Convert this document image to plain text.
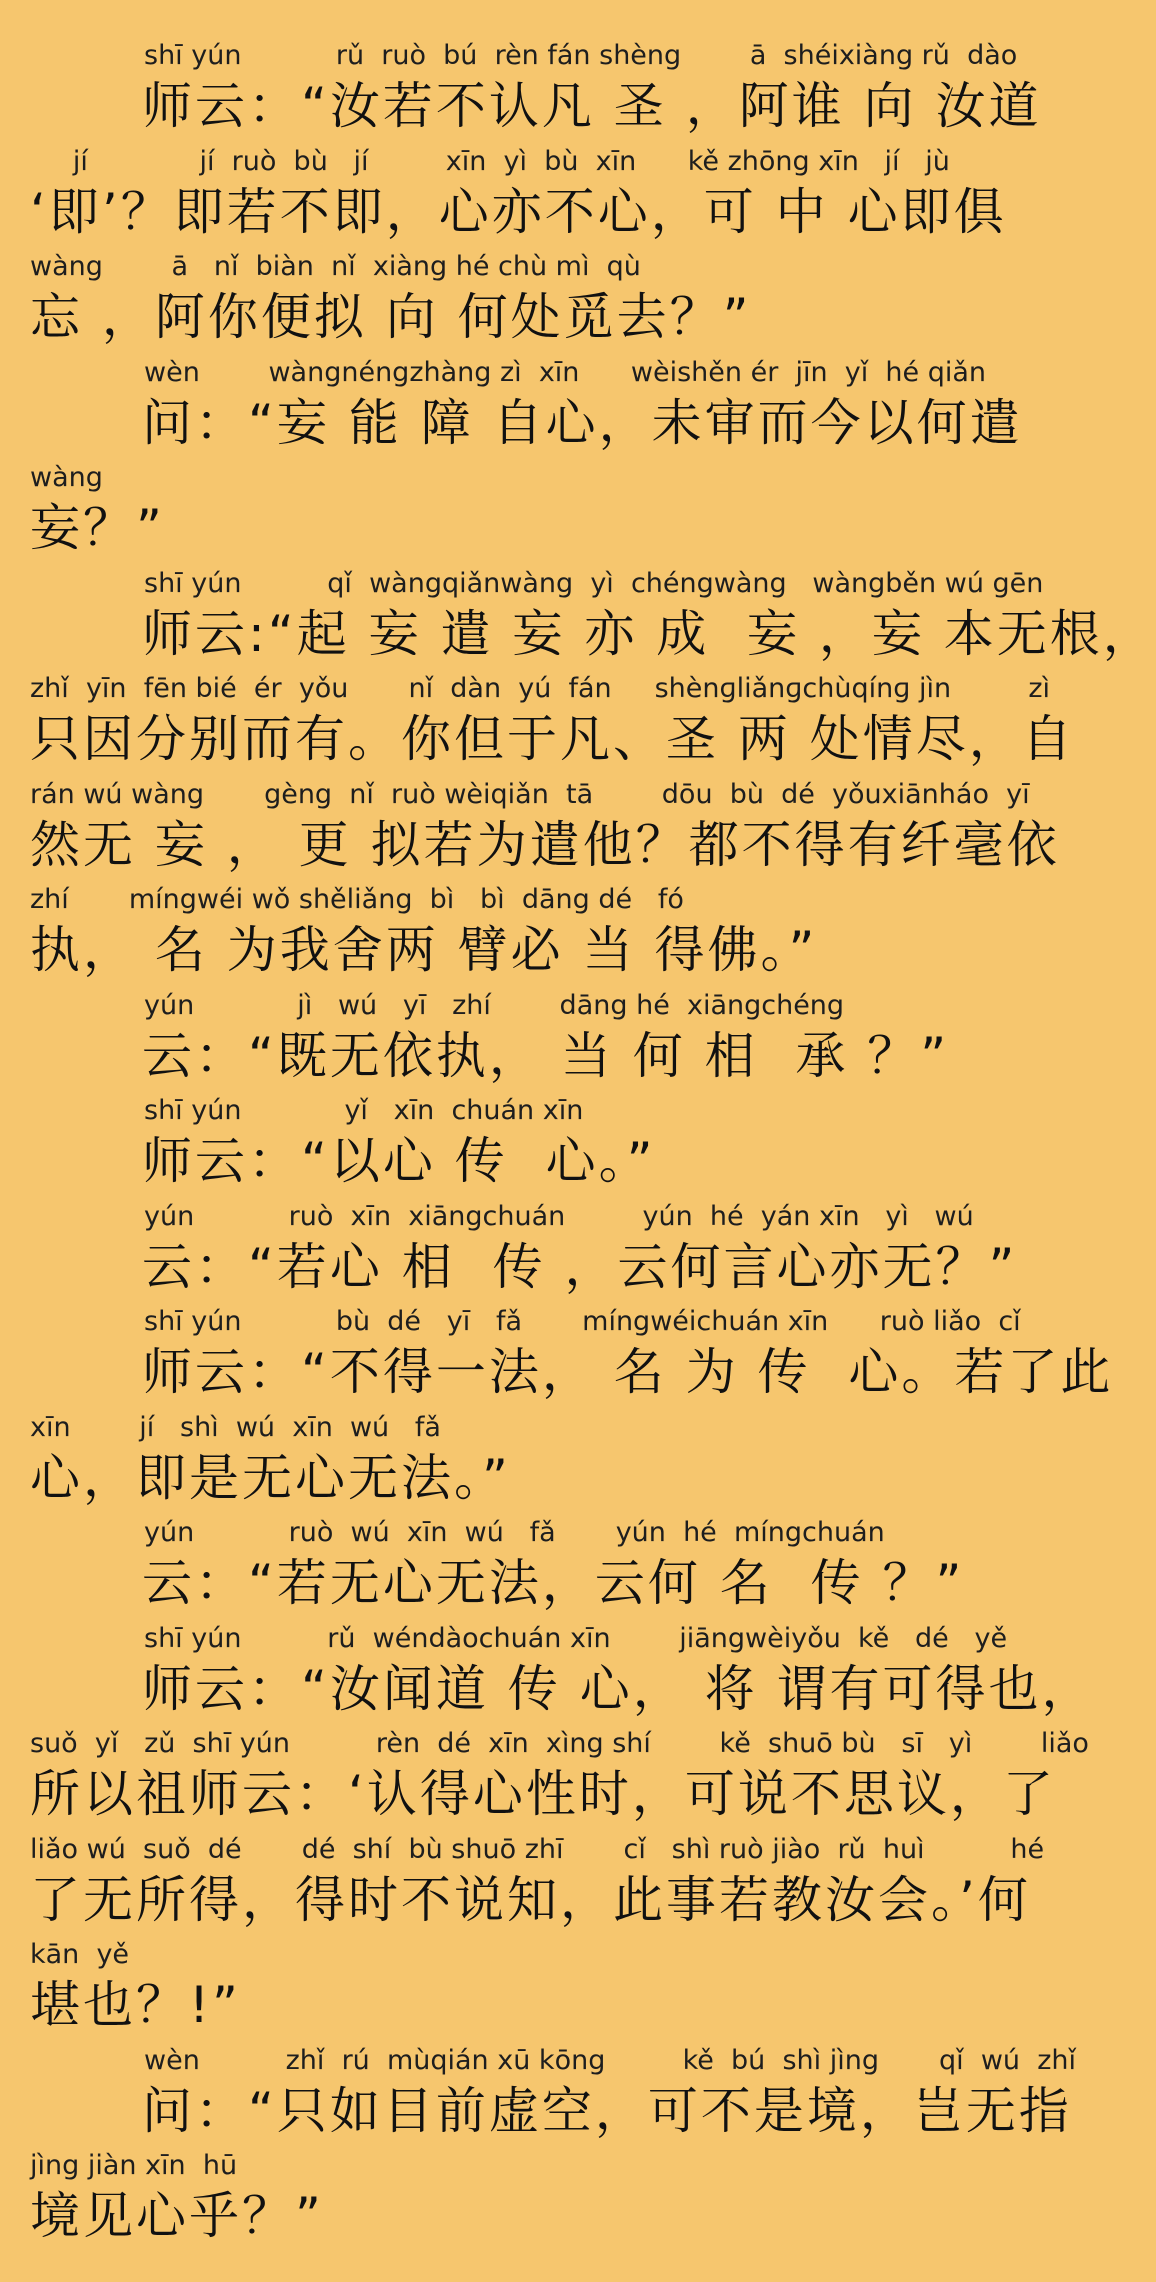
shī yún           rǔ  ruò  bú  rèn fán shèng        ā  shéixiàng rǔ  dào
师云：“汝若不认凡 圣 ，阿谁 向 汝道
jí             jí  ruò  bù   jí         xīn  yì  bù  xīn      kě zhōng xīn   jí   jù
‘即’？即若不即，心亦不心，可 中 心即俱
wàng        ā   nǐ  biàn  nǐ  xiàng hé chù mì  qù
忘 ，阿你便拟 向 何处觅去？”
wèn        wàngnéngzhàng zì  xīn      wèishěn ér  jīn  yǐ  hé qiǎn
问：“妄 能 障 自心，未审而今以何遣
wàng
妄？”
shī yún          qǐ  wàngqiǎnwàng  yì  chéngwàng   wàngběn wú gēn
师云:“起 妄 遣 妄 亦 成  妄 ，妄 本无根，
zhǐ  yīn  fēn bié  ér  yǒu       nǐ  dàn  yú  fán     shènɡliǎnɡchùqínɡ jìn         zì
只因分别而有。你但于凡、圣 两 处情尽，自
rán wú wàng       gèng  nǐ  ruò wèiqiǎn  tā        dōu  bù  dé  yǒuxiānháo  yī
然无 妄 ， 更 拟若为遣他？都不得有纤毫依
zhí       míngwéi wǒ shěliǎng  bì   bì  dāng dé   fó
执， 名 为我舍两 臂必 当 得佛。”
yún            jì   wú   yī   zhí        dāng hé  xiāngchéng
云：“既无依执， 当 何 相  承 ？”
shī yún            yǐ   xīn  chuán xīn
师云：“以心 传  心。”
yún           ruò  xīn  xiāngchuán         yún  hé  yán xīn   yì   wú
云：“若心 相  传 ，云何言心亦无？”
shī yún           bù  dé   yī   fǎ       míngwéichuán xīn      ruò liǎo  cǐ
师云：“不得一法， 名 为 传  心。若了此
xīn        jí   shì  wú  xīn  wú   fǎ
心，即是无心无法。”
yún           ruò  wú  xīn  wú   fǎ       yún  hé  míngchuán
云：“若无心无法，云何 名  传 ？”
shī yún          rǔ  wéndàochuán xīn        jiāngwèiyǒu  kě   dé   yě
师云：“汝闻道 传 心， 将 谓有可得也，
suǒ  yǐ   zǔ  shī yún          rèn  dé  xīn  xìng shí        kě  shuō bù   sī   yì        liǎo
所以祖师云：‘认得心性时，可说不思议，了
liǎo wú  suǒ  dé       dé  shí  bù shuō zhī       cǐ   shì ruò jiào  rǔ  huì          hé
了无所得，得时不说知，此事若教汝会。’何
kān  yě
堪也？!”
wèn          zhǐ  rú  mùqián xū kōng         kě  bú  shì jìng       qǐ  wú  zhǐ
问：“只如目前虚空，可不是境，岂无指
jìng jiàn xīn  hū
境见心乎？”
